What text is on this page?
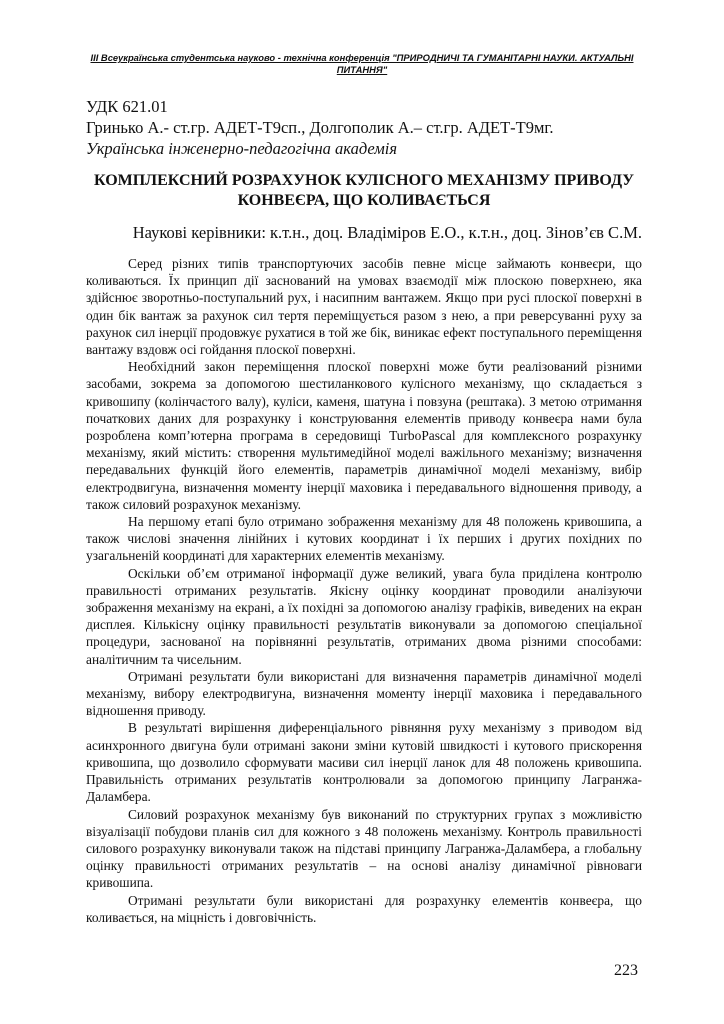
ІІІ Всеукраїнська студентська науково - технічна конференція "ПРИРОДНИЧІ ТА ГУМАНІТАРНІ НАУКИ. АКТУАЛЬНІ ПИТАННЯ"
УДК 621.01
Гринько А.- ст.гр. АДЕТ-Т9сп., Долгополик А.– ст.гр. АДЕТ-Т9мг.
Українська інженерно-педагогічна академія
КОМПЛЕКСНИЙ РОЗРАХУНОК КУЛІСНОГО МЕХАНІЗМУ ПРИВОДУ КОНВЕЄРА, ЩО КОЛИВАЄТЬСЯ
Наукові керівники: к.т.н., доц. Владіміров Е.О., к.т.н., доц. Зінов’єв С.М.

Серед різних типів транспортуючих засобів певне місце займають конвеєри, що коливаються. Їх принцип дії заснований на умовах взаємодії між плоскою поверхнею, яка здійснює зворотньо-поступальний рух, і насипним вантажем. Якщо при русі плоскої поверхні в один бік вантаж за рахунок сил тертя переміщується разом з нею, а при реверсуванні руху за рахунок сил інерції продовжує рухатися в той же бік, виникає ефект поступального переміщення вантажу вздовж осі гойдання плоскої поверхні.

Необхідний закон переміщення плоскої поверхні може бути реалізований різними засобами, зокрема за допомогою шестиланкового кулісного механізму, що складається з кривошипу (колінчастого валу), куліси, каменя, шатуна і повзуна (рештака). З метою отримання початкових даних для розрахунку і конструювання елементів приводу конвеєра нами була розроблена комп’ютерна програма в середовищі TurboPascal для комплексного розрахунку механізму, який містить: створення мультимедійної моделі важільного механізму; визначення передавальних функцій його елементів, параметрів динамічної моделі механізму, вибір електродвигуна, визначення моменту інерції маховика і передавального відношення приводу, а також силовий розрахунок механізму.

На першому етапі було отримано зображення механізму для 48 положень кривошипа, а також числові значення лінійних і кутових координат і їх перших і других похідних по узагальненій координаті для характерних елементів механізму.

Оскільки об’єм отриманої інформації дуже великий, увага була приділена контролю правильності отриманих результатів. Якісну оцінку координат проводили аналізуючи зображення механізму на екрані, а їх похідні за допомогою аналізу графіків, виведених на екран дисплея. Кількісну оцінку правильності результатів виконували за допомогою спеціальної процедури, заснованої на порівнянні результатів, отриманих двома різними способами: аналітичним та чисельним.

Отримані результати були використані для визначення параметрів динамічної моделі механізму, вибору електродвигуна, визначення моменту інерції маховика і передавального відношення приводу.

В результаті вирішення диференціального рівняння руху механізму з приводом від асинхронного двигуна були отримані закони зміни кутовій швидкості і кутового прискорення кривошипа, що дозволило сформувати масиви сил інерції ланок для 48 положень кривошипа. Правильність отриманих результатів контролювали за допомогою принципу Лагранжа-Даламбера.

Силовий розрахунок механізму був виконаний по структурних групах з можливістю візуалізації побудови планів сил для кожного з 48 положень механізму. Контроль правильності силового розрахунку виконували також на підставі принципу Лагранжа-Даламбера, а глобальну оцінку правильності отриманих результатів – на основі аналізу динамічної рівноваги кривошипа.

Отримані результати були використані для розрахунку елементів конвеєра, що коливається, на міцність і довговічність.

223
